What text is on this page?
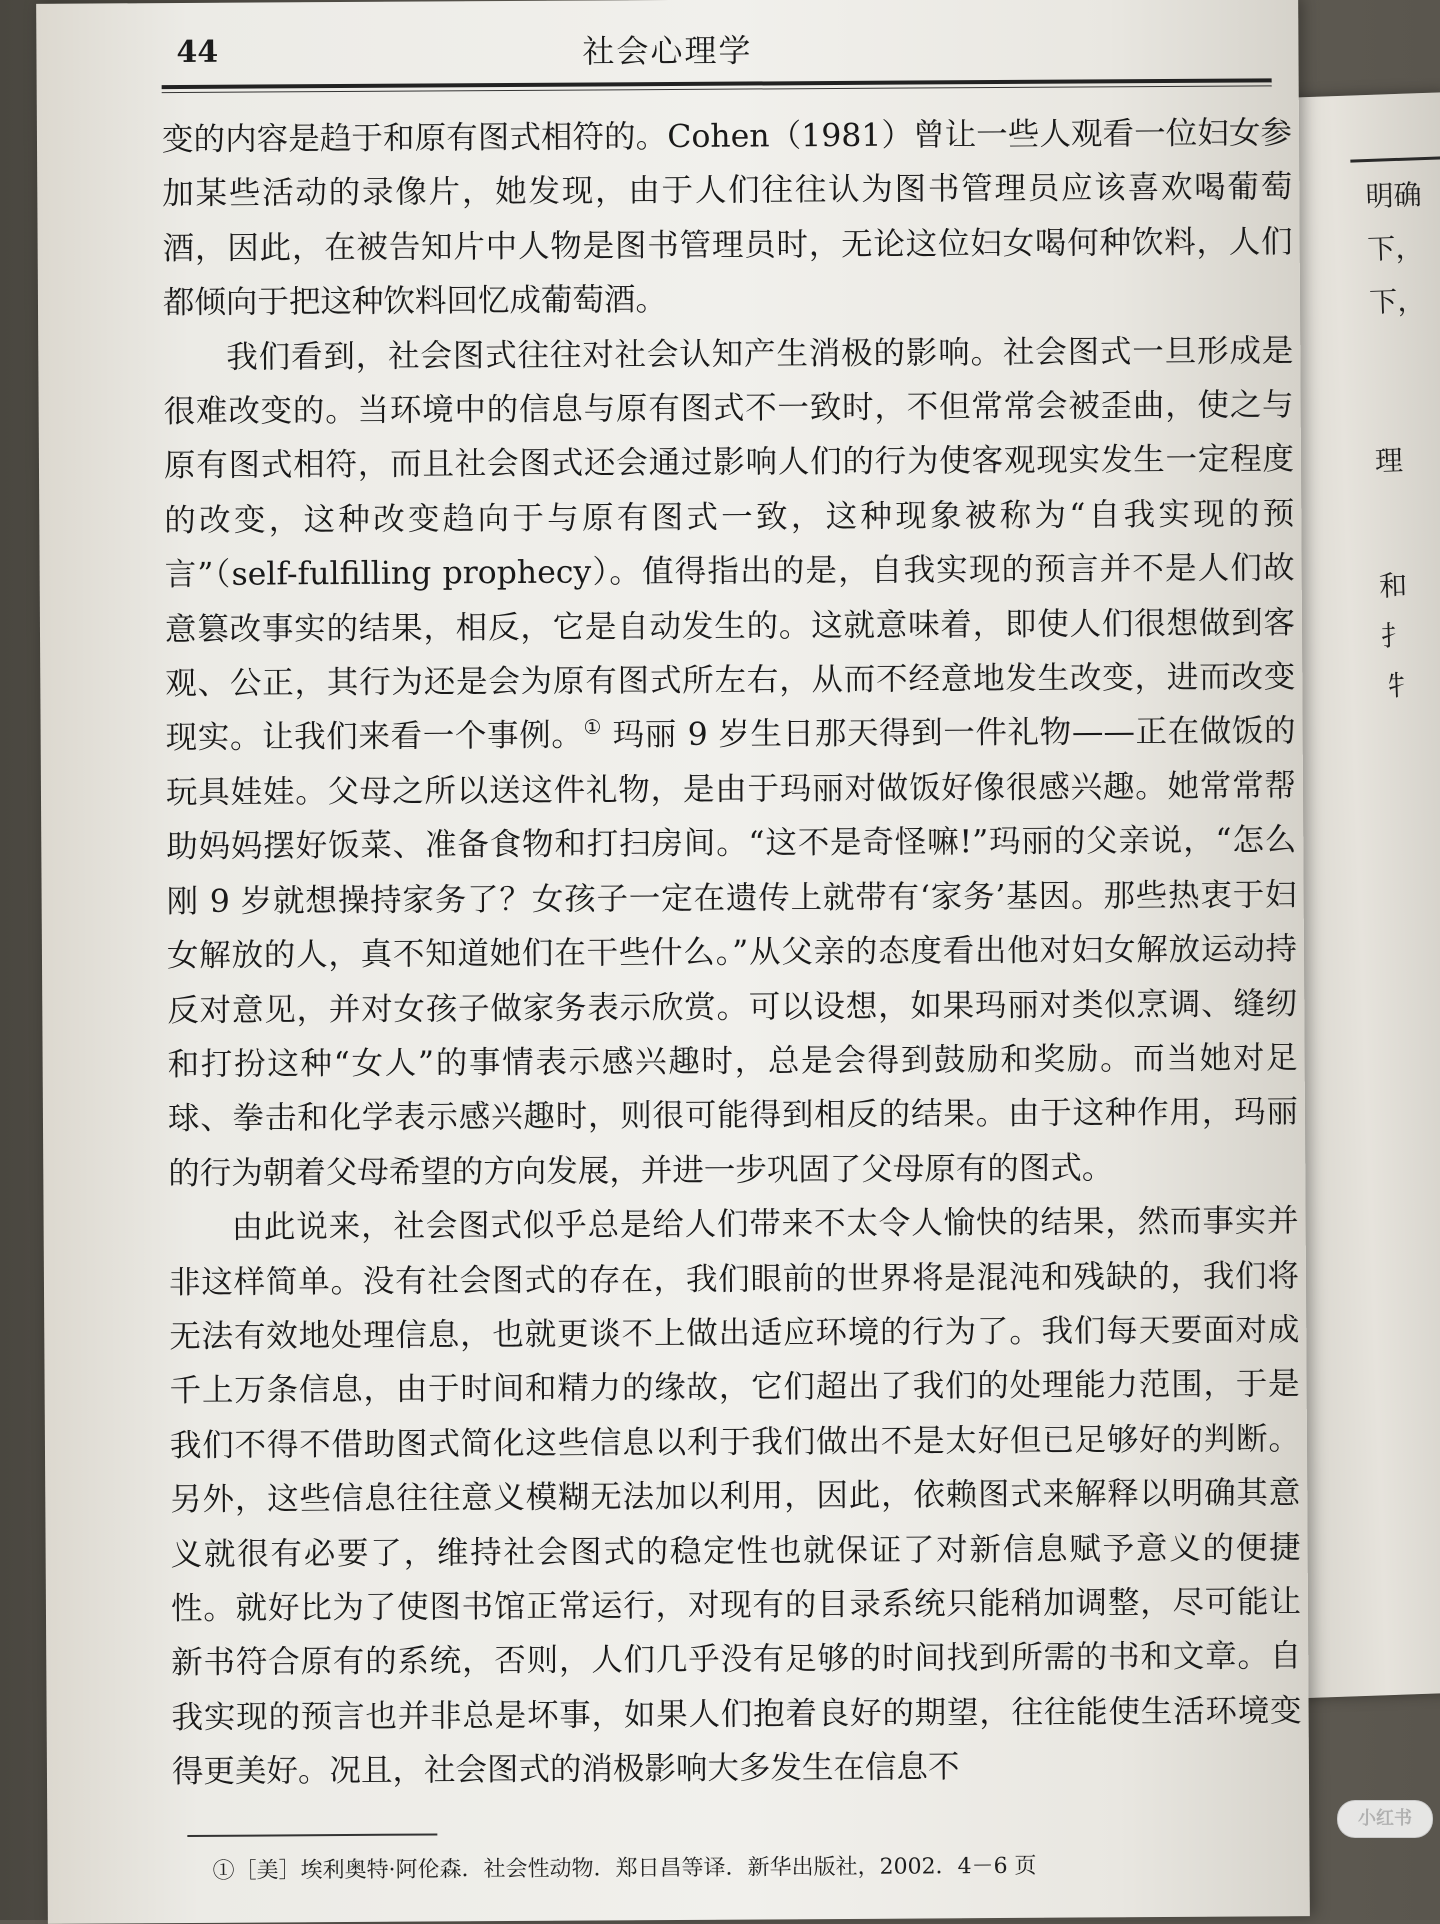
明确
下，
下，
理
和
扌
牜
44	社会心理学

变的内容是趋于和原有图式相符的。Cohen（1981）曾让一些人观看一位妇女参加某些活动的录像片，她发现，由于人们往往认为图书管理员应该喜欢喝葡萄酒，因此，在被告知片中人物是图书管理员时，无论这位妇女喝何种饮料，人们都倾向于把这种饮料回忆成葡萄酒。

我们看到，社会图式往往对社会认知产生消极的影响。社会图式一旦形成是很难改变的。当环境中的信息与原有图式不一致时，不但常常会被歪曲，使之与原有图式相符，而且社会图式还会通过影响人们的行为使客观现实发生一定程度的改变，这种改变趋向于与原有图式一致，这种现象被称为“自我实现的预言”（self-fulfilling prophecy）。值得指出的是，自我实现的预言并不是人们故意篡改事实的结果，相反，它是自动发生的。这就意味着，即使人们很想做到客观、公正，其行为还是会为原有图式所左右，从而不经意地发生改变，进而改变现实。让我们来看一个事例。① 玛丽 9 岁生日那天得到一件礼物——正在做饭的玩具娃娃。父母之所以送这件礼物，是由于玛丽对做饭好像很感兴趣。她常常帮助妈妈摆好饭菜、准备食物和打扫房间。“这不是奇怪嘛!”玛丽的父亲说，“怎么刚 9 岁就想操持家务了？女孩子一定在遗传上就带有‘家务’基因。那些热衷于妇女解放的人，真不知道她们在干些什么。”从父亲的态度看出他对妇女解放运动持反对意见，并对女孩子做家务表示欣赏。可以设想，如果玛丽对类似烹调、缝纫和打扮这种“女人”的事情表示感兴趣时，总是会得到鼓励和奖励。而当她对足球、拳击和化学表示感兴趣时，则很可能得到相反的结果。由于这种作用，玛丽的行为朝着父母希望的方向发展，并进一步巩固了父母原有的图式。

由此说来，社会图式似乎总是给人们带来不太令人愉快的结果，然而事实并非这样简单。没有社会图式的存在，我们眼前的世界将是混沌和残缺的，我们将无法有效地处理信息，也就更谈不上做出适应环境的行为了。我们每天要面对成千上万条信息，由于时间和精力的缘故，它们超出了我们的处理能力范围，于是我们不得不借助图式简化这些信息以利于我们做出不是太好但已足够好的判断。另外，这些信息往往意义模糊无法加以利用，因此，依赖图式来解释以明确其意义就很有必要了，维持社会图式的稳定性也就保证了对新信息赋予意义的便捷性。就好比为了使图书馆正常运行，对现有的目录系统只能稍加调整，尽可能让新书符合原有的系统，否则，人们几乎没有足够的时间找到所需的书和文章。自我实现的预言也并非总是坏事，如果人们抱着良好的期望，往往能使生活环境变得更美好。况且，社会图式的消极影响大多发生在信息不

①［美］埃利奥特·阿伦森．社会性动物．郑日昌等译．新华出版社，2002．4－6 页
小红书
